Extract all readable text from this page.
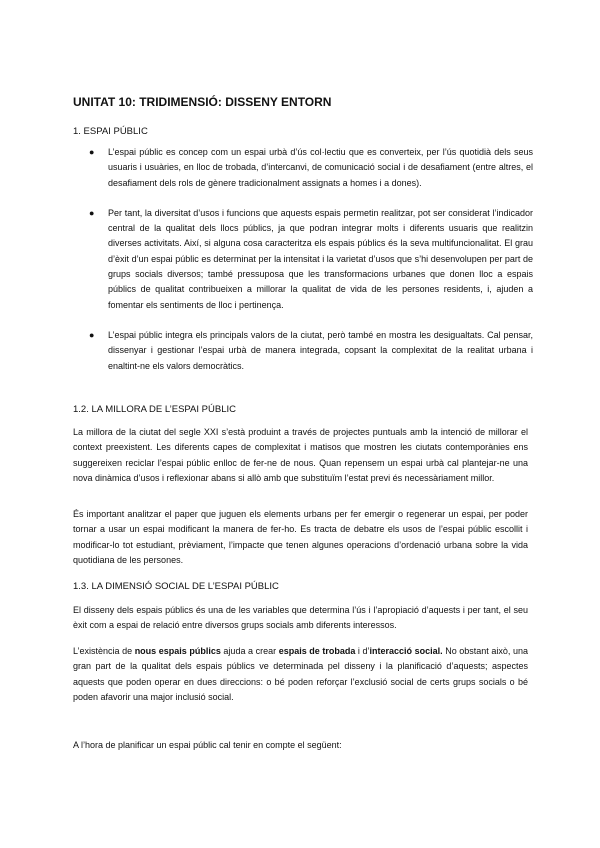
UNITAT 10: TRIDIMENSIÓ: DISSENY ENTORN
1. ESPAI PÚBLIC
● L’espai públic es concep com un espai urbà d’ús col·lectiu que es converteix, per l’ús quotidià dels seus usuaris i usuàries, en lloc de trobada, d’intercanvi, de comunicació social i de desafiament (entre altres, el desafiament dels rols de gènere tradicionalment assignats a homes i a dones).
● Per tant, la diversitat d’usos i funcions que aquests espais permetin realitzar, pot ser considerat l’indicador central de la qualitat dels llocs públics, ja que podran integrar molts i diferents usuaris que realitzin diverses activitats. Així, si alguna cosa caracteritza els espais públics és la seva multifuncionalitat. El grau d’èxit d’un espai públic es determinat per la intensitat i la varietat d’usos que s’hi desenvolupen per part de grups socials diversos; també pressuposa que les transformacions urbanes que donen lloc a espais públics de qualitat contribueixen a millorar la qualitat de vida de les persones residents, i, ajuden a fomentar els sentiments de lloc i pertinença.
● L’espai públic integra els principals valors de la ciutat, però també en mostra les desigualtats. Cal pensar, dissenyar i gestionar l’espai urbà de manera integrada, copsant la complexitat de la realitat urbana i enaltint-ne els valors democràtics.
1.2. LA MILLORA DE L’ESPAI PÚBLIC

La millora de la ciutat del segle XXI s’està produint a través de projectes puntuals amb la intenció de millorar el context preexistent. Les diferents capes de complexitat i matisos que mostren les ciutats contemporànies ens suggereixen reciclar l’espai públic enlloc de fer-ne de nous. Quan repensem un espai urbà cal plantejar-ne una nova dinàmica d’usos i reflexionar abans si allò amb que substituïm l’estat previ és necessàriament millor.

És important analitzar el paper que juguen els elements urbans per fer emergir o regenerar un espai, per poder tornar a usar un espai modificant la manera de fer-ho. Es tracta de debatre els usos de l’espai públic escollit i modificar-lo tot estudiant, prèviament, l’impacte que tenen algunes operacions d’ordenació urbana sobre la vida quotidiana de les persones.

1.3. LA DIMENSIÓ SOCIAL DE L’ESPAI PÚBLIC

El disseny dels espais públics és una de les variables que determina l’ús i l’apropiació d’aquests i per tant, el seu èxit com a espai de relació entre diversos grups socials amb diferents interessos.

L’existència de nous espais públics ajuda a crear espais de trobada i d’interacció social. No obstant això, una gran part de la qualitat dels espais públics ve determinada pel disseny i la planificació d’aquests; aspectes aquests que poden operar en dues direccions: o bé poden reforçar l’exclusió social de certs grups socials o bé poden afavorir una major inclusió social.

A l’hora de planificar un espai públic cal tenir en compte el següent:
